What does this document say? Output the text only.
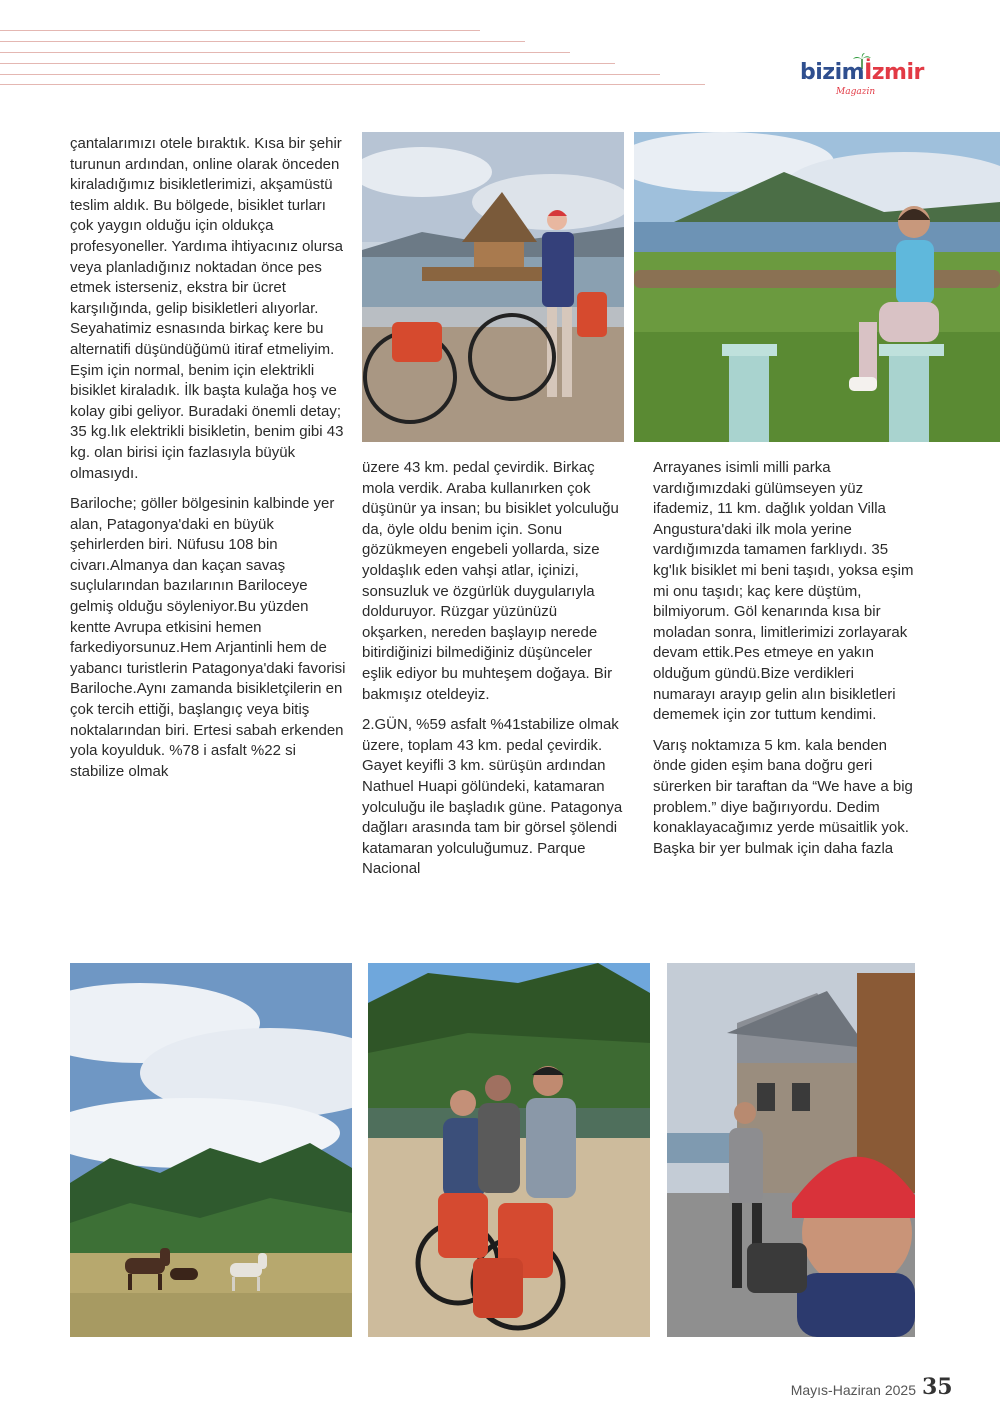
bizimİzmir
Magazin

çantalarımızı otele bıraktık. Kısa bir şehir turunun ardından, online olarak önceden kiraladığımız bisikletlerimizi, akşamüstü teslim aldık. Bu bölgede, bisiklet turları çok yaygın olduğu için oldukça profesyoneller. Yardıma ihtiyacınız olursa veya planladığınız noktadan önce pes etmek isterseniz, ekstra bir ücret karşılığında, gelip bisikletleri alıyorlar. Seyahatimiz esnasında birkaç kere bu alternatifi düşündüğümü itiraf etmeliyim. Eşim için normal, benim için elektrikli bisiklet kiraladık. İlk başta kulağa hoş ve kolay gibi geliyor. Buradaki önemli detay; 35 kg.lık elektrikli bisikletin, benim gibi 43 kg. olan birisi için fazlasıyla büyük olmasıydı.

Bariloche; göller bölgesinin kalbinde yer alan, Patagonya'daki en büyük şehirlerden biri. Nüfusu 108 bin civarı.Almanya dan kaçan savaş suçlularından bazılarının Bariloceye gelmiş olduğu söyleniyor.Bu yüzden kentte Avrupa etkisini hemen farkediyorsunuz.Hem Arjantinli hem de yabancı turistlerin Patagonya'daki favorisi Bariloche.Aynı zamanda bisikletçilerin en çok tercih ettiği, başlangıç veya bitiş noktalarından biri. Ertesi sabah erkenden yola koyulduk. %78 i asfalt %22 si stabilize olmak

üzere 43 km. pedal çevirdik. Birkaç mola verdik. Araba kullanırken çok düşünür ya insan; bu bisiklet yolculuğu da, öyle oldu benim için. Sonu gözükmeyen engebeli yollarda, size yoldaşlık eden vahşi atlar, içinizi, sonsuzluk ve özgürlük duygularıyla dolduruyor. Rüzgar yüzünüzü okşarken, nereden başlayıp nerede bitirdiğinizi bilmediğiniz düşünceler eşlik ediyor bu muhteşem doğaya. Bir bakmışız oteldeyiz.

2.GÜN, %59 asfalt %41stabilize olmak üzere, toplam 43 km. pedal çevirdik. Gayet keyifli 3 km. sürüşün ardından Nathuel Huapi gölündeki, katamaran yolculuğu ile başladık güne. Patagonya dağları arasında tam bir görsel şölendi katamaran yolculuğumuz. Parque Nacional

Arrayanes isimli milli parka vardığımızdaki gülümseyen yüz ifademiz, 11 km. dağlık yoldan Villa Angustura'daki ilk mola yerine vardığımızda tamamen farklıydı. 35 kg'lık bisiklet mi beni taşıdı, yoksa eşim mi onu taşıdı; kaç kere düştüm, bilmiyorum. Göl kenarında kısa bir moladan sonra, limitlerimizi zorlayarak devam ettik.Pes etmeye en yakın olduğum gündü.Bize verdikleri numarayı arayıp gelin alın bisikletleri dememek için zor tuttum kendimi.

Varış noktamıza 5 km. kala benden önde giden eşim bana doğru geri sürerken bir taraftan da “We have a big problem.” diye bağırıyordu. Dedim konaklayacağımız yerde müsaitlik yok. Başka bir yer bulmak için daha fazla

Mayıs-Haziran 2025 35
